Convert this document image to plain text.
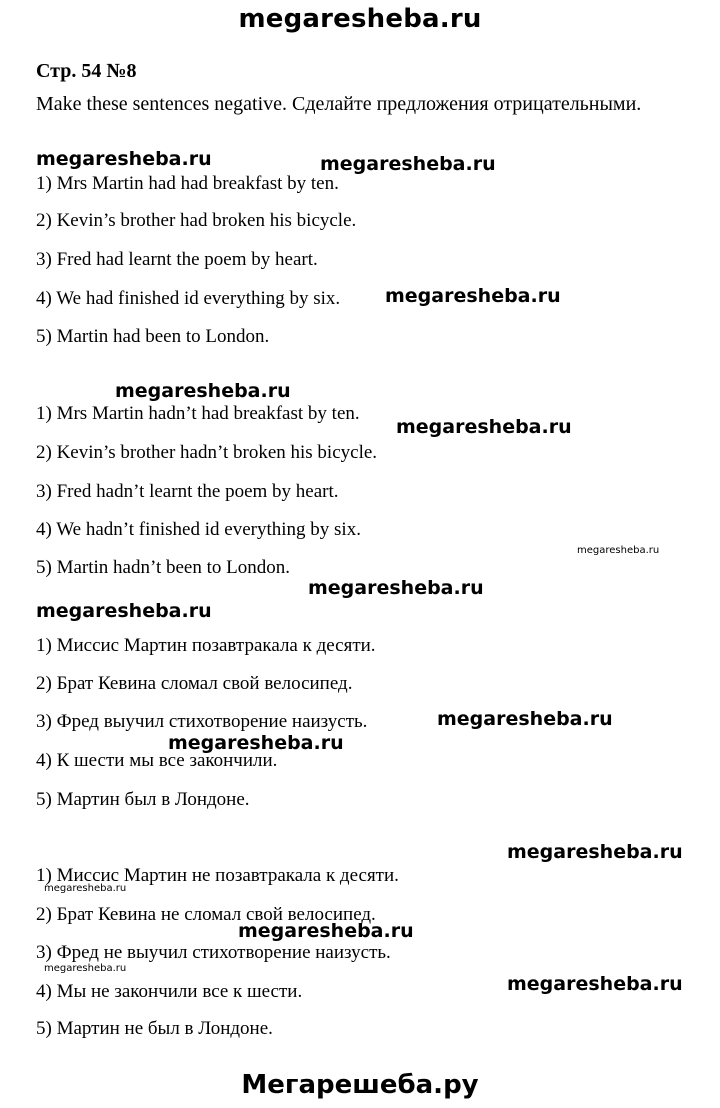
megaresheba.ru
Стр. 54 №8
Make these sentences negative. Сделайте предложения отрицательными.
1) Mrs Martin had had breakfast by ten.
2) Kevin’s brother had broken his bicycle.
3) Fred had learnt the poem by heart.
4) We had finished id everything by six.
5) Martin had been to London.
1) Mrs Martin hadn’t had breakfast by ten.
2) Kevin’s brother hadn’t broken his bicycle.
3) Fred hadn’t learnt the poem by heart.
4) We hadn’t finished id everything by six.
5) Martin hadn’t been to London.
1) Миссис Мартин позавтракала к десяти.
2) Брат Кевина сломал свой велосипед.
3) Фред выучил стихотворение наизусть.
4) К шести мы все закончили.
5) Мартин был в Лондоне.
1) Миссис Мартин не позавтракала к десяти.
2) Брат Кевина не сломал свой велосипед.
3) Фред не выучил стихотворение наизусть.
4) Мы не закончили все к шести.
5) Мартин не был в Лондоне.
megaresheba.ru	megaresheba.ru
megaresheba.ru
megaresheba.ru
megaresheba.ru
megaresheba.ru
megaresheba.ru
megaresheba.ru
megaresheba.ru
megaresheba.ru
megaresheba.ru
megaresheba.ru
megaresheba.ru
megaresheba.ru
megaresheba.ru
Мегарешеба.ру
